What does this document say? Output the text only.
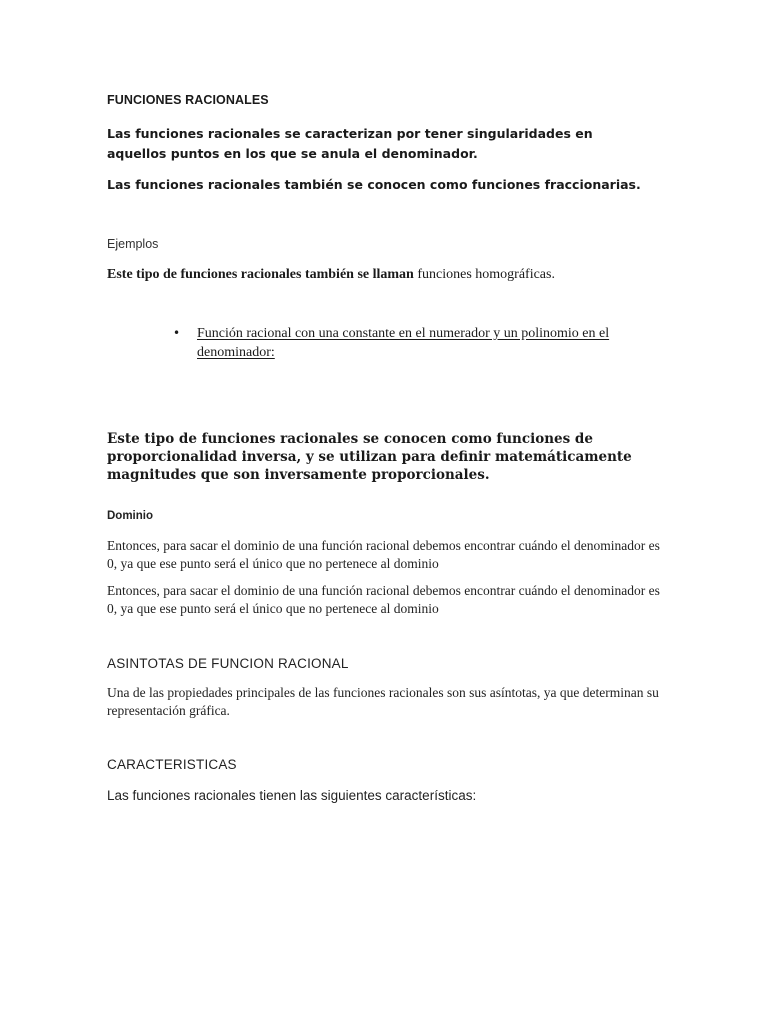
FUNCIONES RACIONALES

Las funciones racionales se caracterizan por tener singularidades en aquellos puntos en los que se anula el denominador.

Las funciones racionales también se conocen como funciones fraccionarias.

Ejemplos

Este tipo de funciones racionales también se llaman funciones homográficas.

• Función racional con una constante en el numerador y un polinomio en el denominador:

Este tipo de funciones racionales se conocen como funciones de proporcionalidad inversa, y se utilizan para definir matemáticamente magnitudes que son inversamente proporcionales.

Dominio

Entonces, para sacar el dominio de una función racional debemos encontrar cuándo el denominador es 0, ya que ese punto será el único que no pertenece al dominio

Entonces, para sacar el dominio de una función racional debemos encontrar cuándo el denominador es 0, ya que ese punto será el único que no pertenece al dominio

ASINTOTAS DE FUNCION RACIONAL

Una de las propiedades principales de las funciones racionales son sus asíntotas, ya que determinan su representación gráfica.

CARACTERISTICAS

Las funciones racionales tienen las siguientes características:
